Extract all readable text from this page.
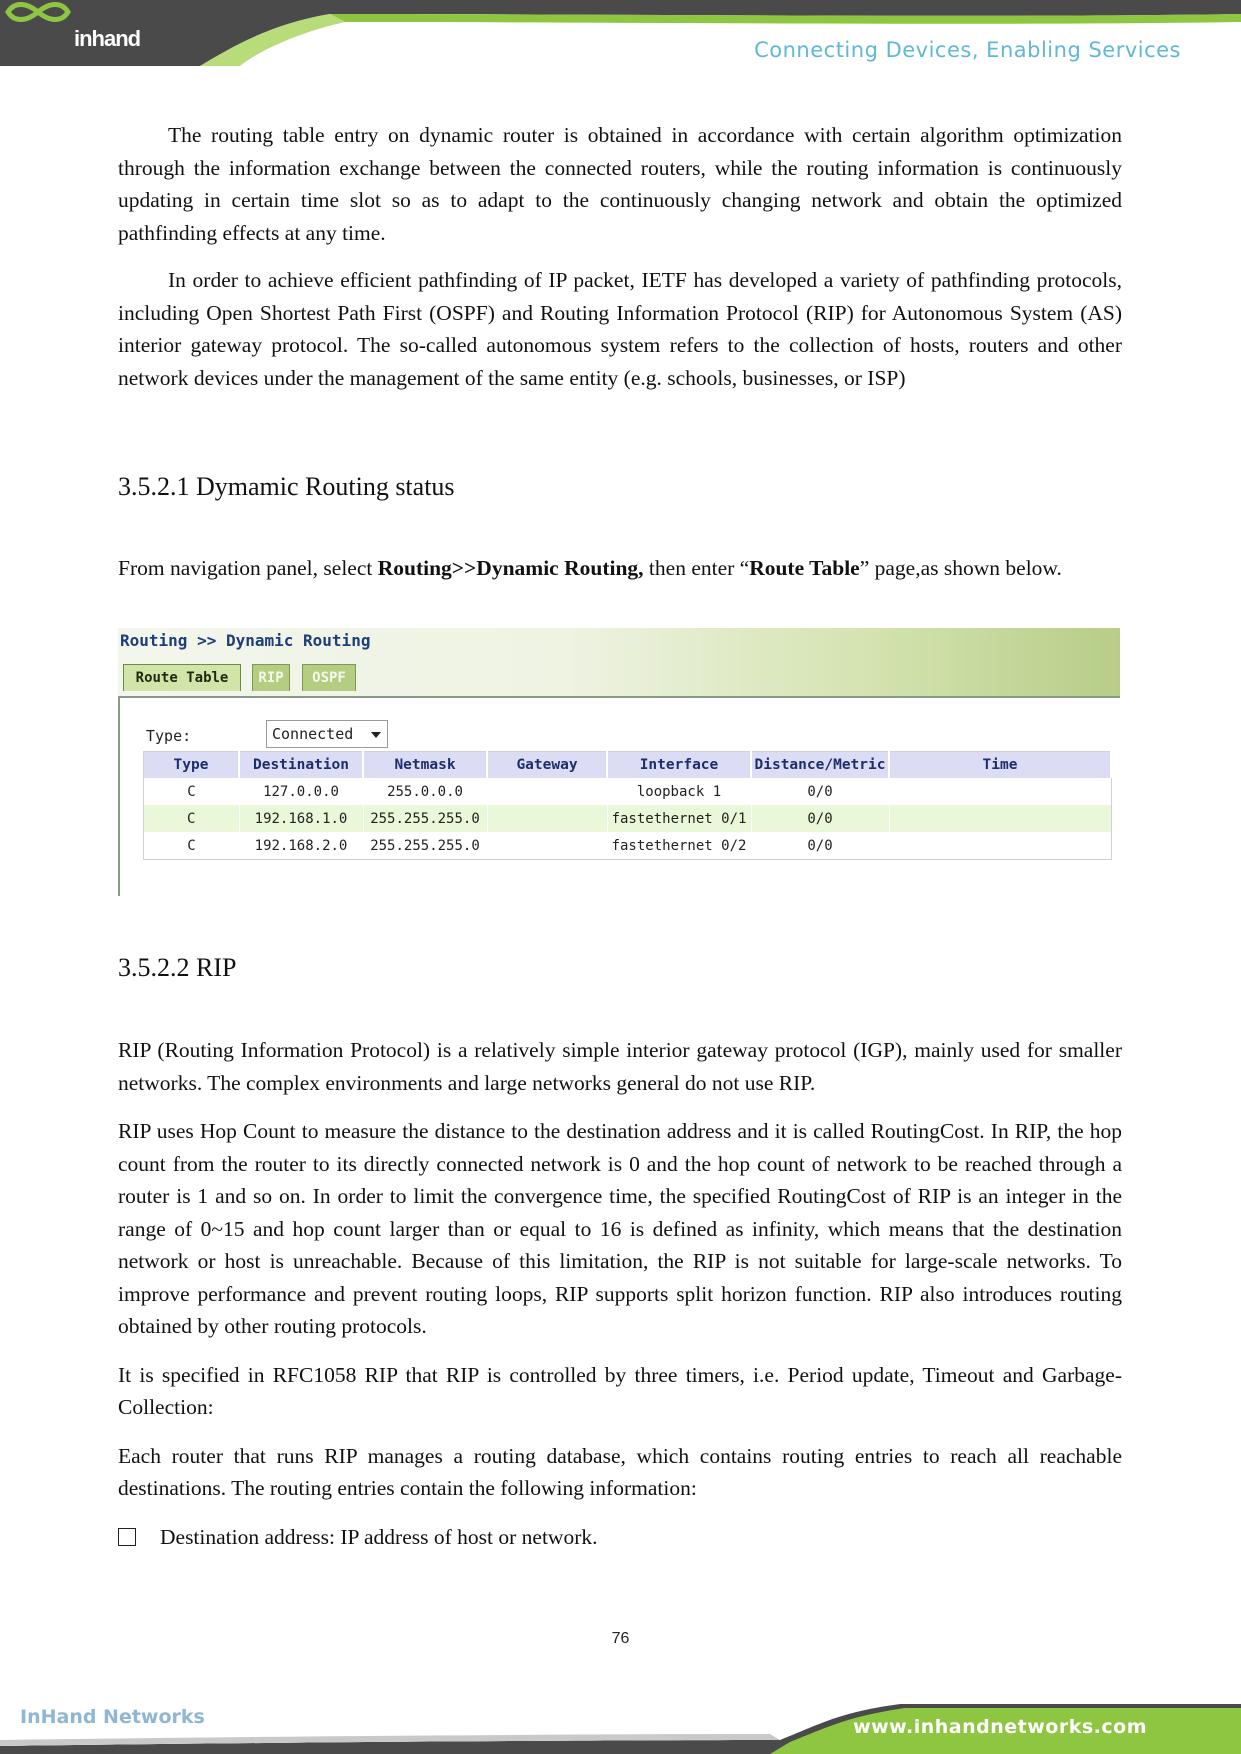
inhand	Connecting Devices, Enabling Services

The routing table entry on dynamic router is obtained in accordance with certain algorithm optimization through the information exchange between the connected routers, while the routing information is continuously updating in certain time slot so as to adapt to the continuously changing network and obtain the optimized pathfinding effects at any time.

In order to achieve efficient pathfinding of IP packet, IETF has developed a variety of pathfinding protocols, including Open Shortest Path First (OSPF) and Routing Information Protocol (RIP) for Autonomous System (AS) interior gateway protocol. The so-called autonomous system refers to the collection of hosts, routers and other network devices under the management of the same entity (e.g. schools, businesses, or ISP)

3.5.2.1 Dymamic Routing status

From navigation panel, select Routing>>Dynamic Routing, then enter “Route Table” page,as shown below.

Routing >> Dynamic Routing
Route Table	RIP	OSPF
Type:	Connected
Type	Destination	Netmask	Gateway	Interface	Distance/Metric	Time
C	127.0.0.0	255.0.0.0		loopback 1	0/0	
C	192.168.1.0	255.255.255.0		fastethernet 0/1	0/0	
C	192.168.2.0	255.255.255.0		fastethernet 0/2	0/0	
3.5.2.2 RIP

RIP (Routing Information Protocol) is a relatively simple interior gateway protocol (IGP), mainly used for smaller networks. The complex environments and large networks general do not use RIP.

RIP uses Hop Count to measure the distance to the destination address and it is called RoutingCost. In RIP, the hop count from the router to its directly connected network is 0 and the hop count of network to be reached through a router is 1 and so on. In order to limit the convergence time, the specified RoutingCost of RIP is an integer in the range of 0~15 and hop count larger than or equal to 16 is defined as infinity, which means that the destination network or host is unreachable. Because of this limitation, the RIP is not suitable for large-scale networks. To improve performance and prevent routing loops, RIP supports split horizon function. RIP also introduces routing obtained by other routing protocols.

It is specified in RFC1058 RIP that RIP is controlled by three timers, i.e. Period update, Timeout and Garbage-Collection:

Each router that runs RIP manages a routing database, which contains routing entries to reach all reachable destinations. The routing entries contain the following information:

Destination address: IP address of host or network.

76
InHand Networks	www.inhandnetworks.com
